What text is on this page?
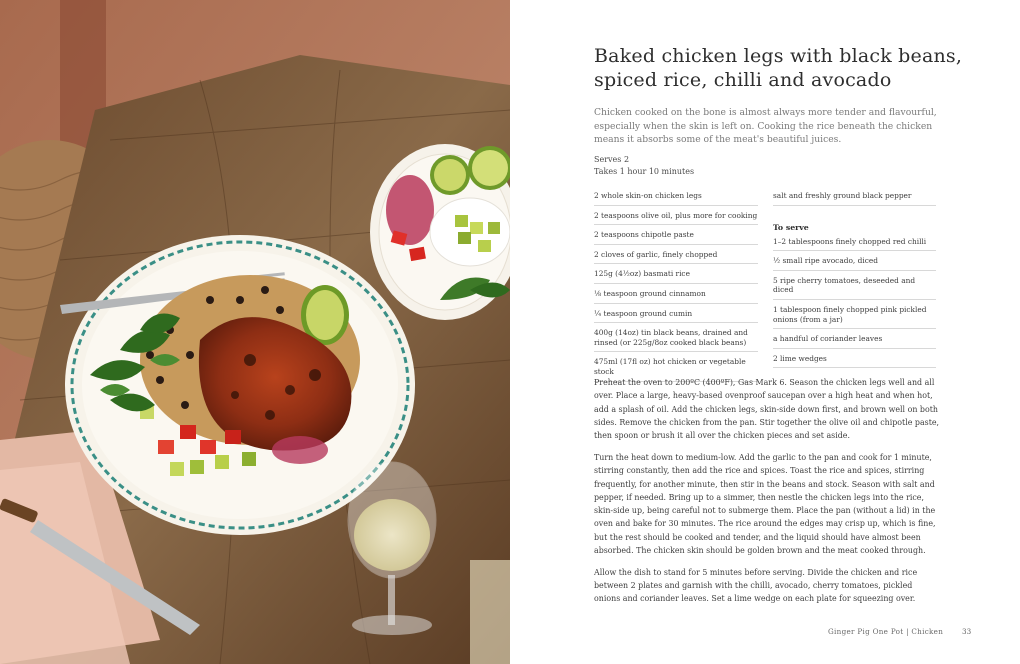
Baked chicken legs with black beans, spiced rice, chilli and avocado

Chicken cooked on the bone is almost always more tender and flavourful, especially when the skin is left on. Cooking the rice beneath the chicken means it absorbs some of the meat's beautiful juices.

Serves 2
Takes 1 hour 10 minutes
2 whole skin-on chicken legs
2 teaspoons olive oil, plus more for cooking
2 teaspoons chipotle paste
2 cloves of garlic, finely chopped
125g (4½oz) basmati rice
⅛ teaspoon ground cinnamon
¼ teaspoon ground cumin
400g (14oz) tin black beans, drained and rinsed (or 225g/8oz cooked black beans)
475ml (17fl oz) hot chicken or vegetable stock
salt and freshly ground black pepper
To serve
1–2 tablespoons finely chopped red chilli
½ small ripe avocado, diced
5 ripe cherry tomatoes, deseeded and diced
1 tablespoon finely chopped pink pickled onions (from a jar)
a handful of coriander leaves
2 lime wedges

Preheat the oven to 200ºC (400ºF), Gas Mark 6. Season the chicken legs well and all over. Place a large, heavy-based ovenproof saucepan over a high heat and when hot, add a splash of oil. Add the chicken legs, skin-side down first, and brown well on both sides. Remove the chicken from the pan. Stir together the olive oil and chipotle paste, then spoon or brush it all over the chicken pieces and set aside.

Turn the heat down to medium-low. Add the garlic to the pan and cook for 1 minute, stirring constantly, then add the rice and spices. Toast the rice and spices, stirring frequently, for another minute, then stir in the beans and stock. Season with salt and pepper, if needed. Bring up to a simmer, then nestle the chicken legs into the rice, skin-side up, being careful not to submerge them. Place the pan (without a lid) in the oven and bake for 30 minutes. The rice around the edges may crisp up, which is fine, but the rest should be cooked and tender, and the liquid should have almost been absorbed. The chicken skin should be golden brown and the meat cooked through.

Allow the dish to stand for 5 minutes before serving. Divide the chicken and rice between 2 plates and garnish with the chilli, avocado, cherry tomatoes, pickled onions and coriander leaves. Set a lime wedge on each plate for squeezing over.

Ginger Pig One Pot | Chicken	33
